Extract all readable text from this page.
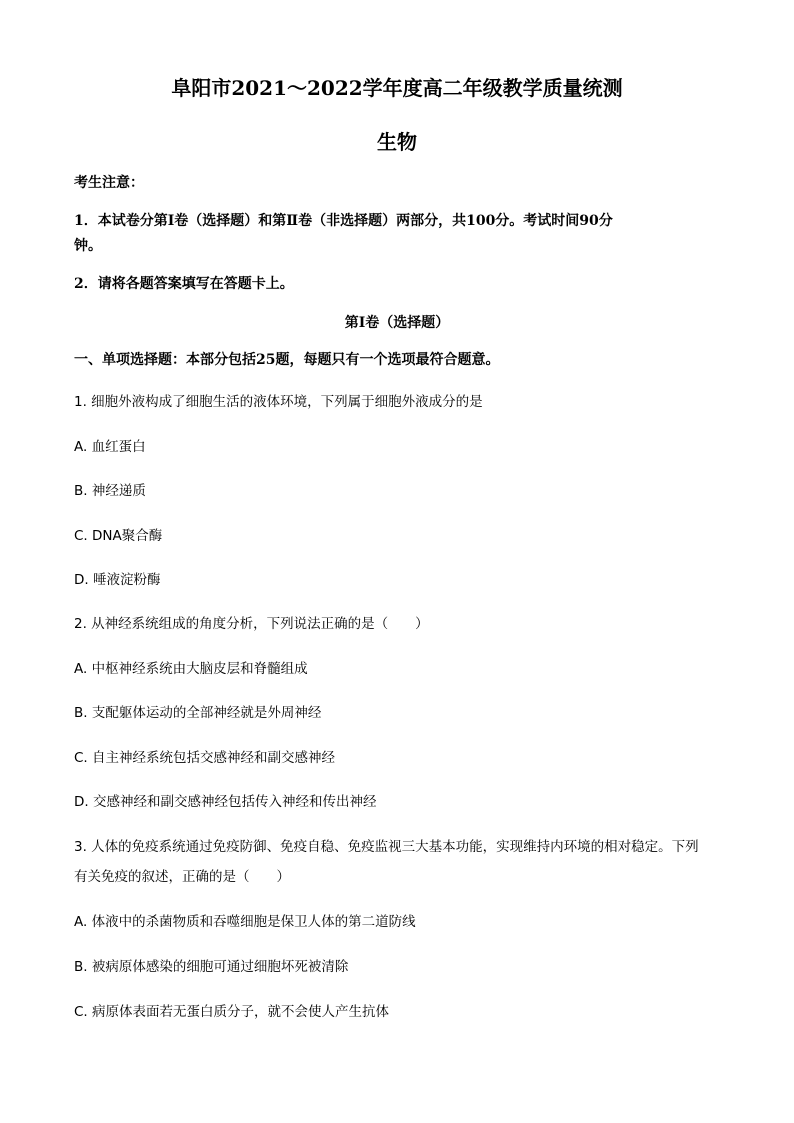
阜阳市2021～2022学年度高二年级教学质量统测
生物
考生注意：
1．本试卷分第Ⅰ卷（选择题）和第Ⅱ卷（非选择题）两部分，共100分。考试时间90分
钟。
2．请将各题答案填写在答题卡上。
第Ⅰ卷（选择题）
一、单项选择题：本部分包括25题，每题只有一个选项最符合题意。
1. 细胞外液构成了细胞生活的液体环境，下列属于细胞外液成分的是
A. 血红蛋白
B. 神经递质
C. DNA聚合酶
D. 唾液淀粉酶
2. 从神经系统组成的角度分析，下列说法正确的是（　　）
A. 中枢神经系统由大脑皮层和脊髓组成
B. 支配躯体运动的全部神经就是外周神经
C. 自主神经系统包括交感神经和副交感神经
D. 交感神经和副交感神经包括传入神经和传出神经
3. 人体的免疫系统通过免疫防御、免疫自稳、免疫监视三大基本功能，实现维持内环境的相对稳定。下列
有关免疫的叙述，正确的是（　　）
A. 体液中的杀菌物质和吞噬细胞是保卫人体的第二道防线
B. 被病原体感染的细胞可通过细胞坏死被清除
C. 病原体表面若无蛋白质分子，就不会使人产生抗体
